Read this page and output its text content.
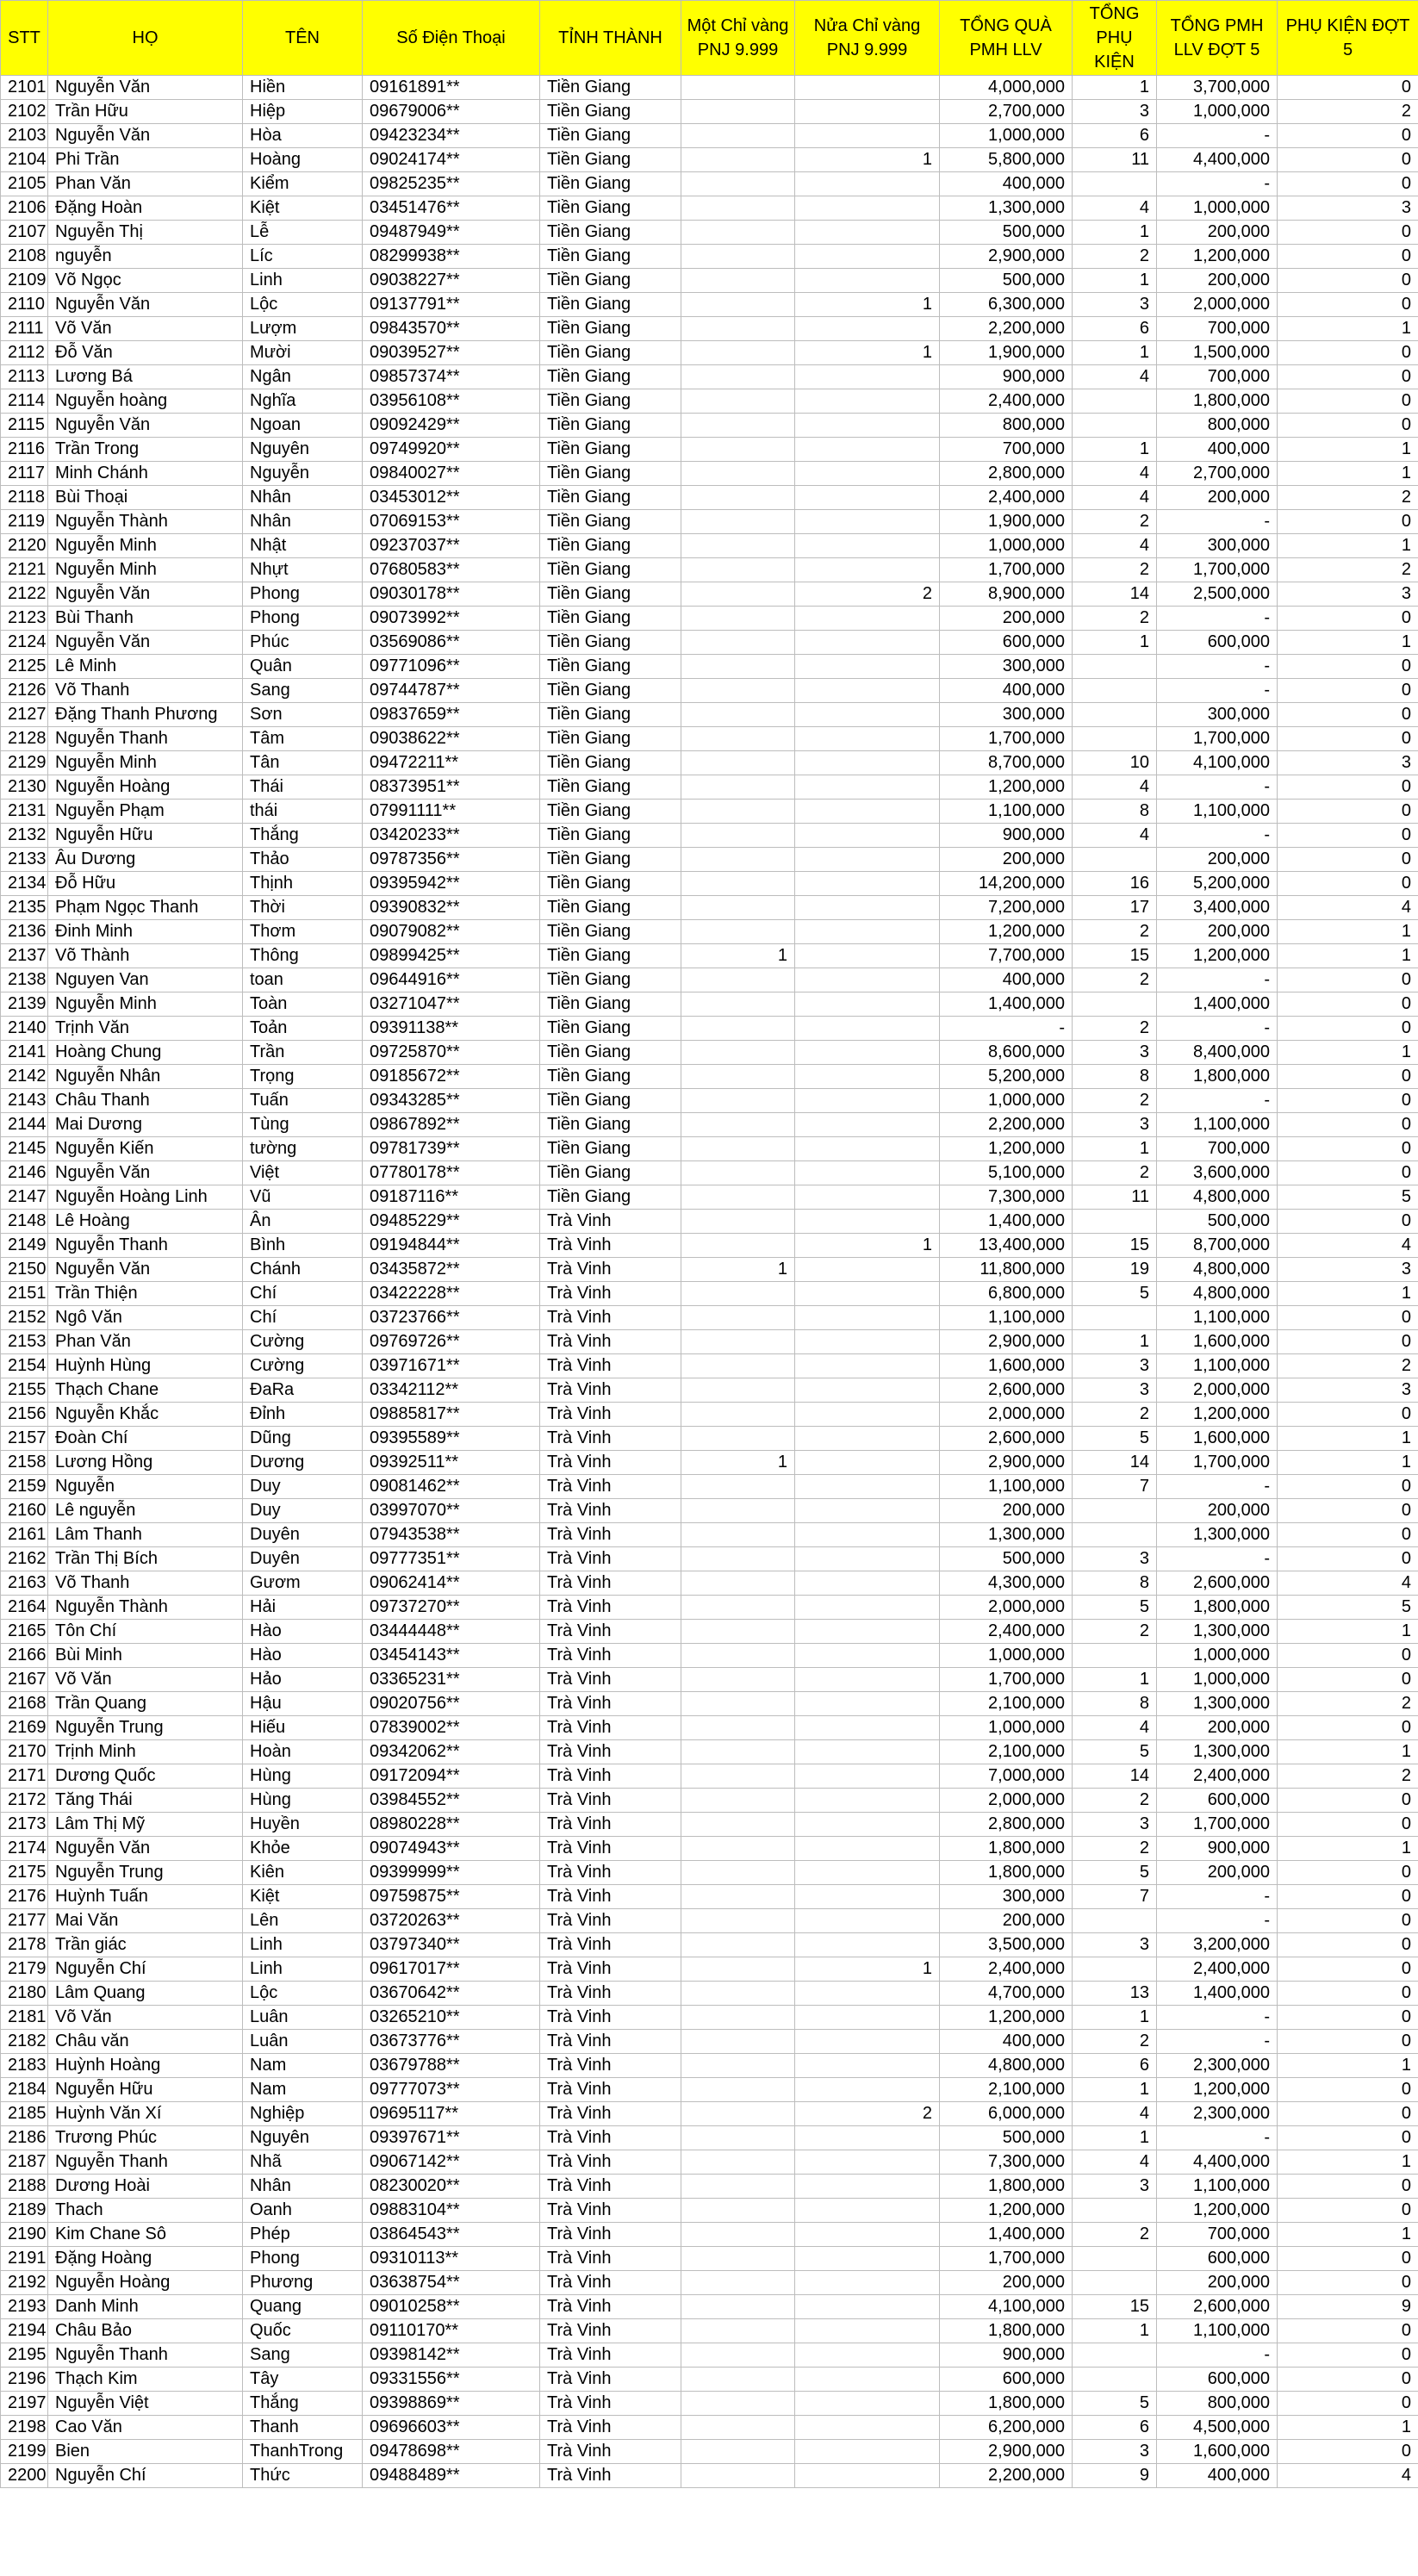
STT	HỌ	TÊN	Số Điện Thoại	TỈNH THÀNH	Một Chỉ vàng PNJ 9.999	Nửa Chỉ vàng PNJ 9.999	TỔNG QUÀ PMH LLV	TỔNG PHỤ KIỆN	TỔNG PMH LLV ĐỢT 5	PHỤ KIỆN ĐỢT 5
2101	Nguyễn Văn	Hiền	09161891**	Tiền Giang			4,000,000	1	3,700,000	0
2102	Trần Hữu	Hiệp	09679006**	Tiền Giang			2,700,000	3	1,000,000	2
2103	Nguyễn Văn	Hòa	09423234**	Tiền Giang			1,000,000	6	-	0
2104	Phi Trần	Hoàng	09024174**	Tiền Giang		1	5,800,000	11	4,400,000	0
2105	Phan Văn	Kiểm	09825235**	Tiền Giang			400,000		-	0
2106	Đặng Hoàn	Kiệt	03451476**	Tiền Giang			1,300,000	4	1,000,000	3
2107	Nguyễn Thị	Lễ	09487949**	Tiền Giang			500,000	1	200,000	0
2108	nguyễn	Líc	08299938**	Tiền Giang			2,900,000	2	1,200,000	0
2109	Võ Ngọc	Linh	09038227**	Tiền Giang			500,000	1	200,000	0
2110	Nguyễn Văn	Lộc	09137791**	Tiền Giang		1	6,300,000	3	2,000,000	0
2111	Võ Văn	Lượm	09843570**	Tiền Giang			2,200,000	6	700,000	1
2112	Đỗ Văn	Mười	09039527**	Tiền Giang		1	1,900,000	1	1,500,000	0
2113	Lương Bá	Ngân	09857374**	Tiền Giang			900,000	4	700,000	0
2114	Nguyễn hoàng	Nghĩa	03956108**	Tiền Giang			2,400,000		1,800,000	0
2115	Nguyễn Văn	Ngoan	09092429**	Tiền Giang			800,000		800,000	0
2116	Trần Trong	Nguyên	09749920**	Tiền Giang			700,000	1	400,000	1
2117	Minh Chánh	Nguyễn	09840027**	Tiền Giang			2,800,000	4	2,700,000	1
2118	Bùi Thoại	Nhân	03453012**	Tiền Giang			2,400,000	4	200,000	2
2119	Nguyễn Thành	Nhân	07069153**	Tiền Giang			1,900,000	2	-	0
2120	Nguyễn Minh	Nhật	09237037**	Tiền Giang			1,000,000	4	300,000	1
2121	Nguyễn Minh	Nhựt	07680583**	Tiền Giang			1,700,000	2	1,700,000	2
2122	Nguyễn Văn	Phong	09030178**	Tiền Giang		2	8,900,000	14	2,500,000	3
2123	Bùi Thanh	Phong	09073992**	Tiền Giang			200,000	2	-	0
2124	Nguyễn Văn	Phúc	03569086**	Tiền Giang			600,000	1	600,000	1
2125	Lê Minh	Quân	09771096**	Tiền Giang			300,000		-	0
2126	Võ Thanh	Sang	09744787**	Tiền Giang			400,000		-	0
2127	Đặng Thanh Phương	Sơn	09837659**	Tiền Giang			300,000		300,000	0
2128	Nguyễn Thanh	Tâm	09038622**	Tiền Giang			1,700,000		1,700,000	0
2129	Nguyễn Minh	Tân	09472211**	Tiền Giang			8,700,000	10	4,100,000	3
2130	Nguyễn Hoàng	Thái	08373951**	Tiền Giang			1,200,000	4	-	0
2131	Nguyễn Phạm	thái	07991111**	Tiền Giang			1,100,000	8	1,100,000	0
2132	Nguyễn Hữu	Thắng	03420233**	Tiền Giang			900,000	4	-	0
2133	Âu Dương	Thảo	09787356**	Tiền Giang			200,000		200,000	0
2134	Đỗ Hữu	Thịnh	09395942**	Tiền Giang			14,200,000	16	5,200,000	0
2135	Phạm Ngọc Thanh	Thời	09390832**	Tiền Giang			7,200,000	17	3,400,000	4
2136	Đinh Minh	Thơm	09079082**	Tiền Giang			1,200,000	2	200,000	1
2137	Võ Thành	Thông	09899425**	Tiền Giang	1		7,700,000	15	1,200,000	1
2138	Nguyen Van	toan	09644916**	Tiền Giang			400,000	2	-	0
2139	Nguyễn Minh	Toàn	03271047**	Tiền Giang			1,400,000		1,400,000	0
2140	Trịnh Văn	Toản	09391138**	Tiền Giang			-	2	-	0
2141	Hoàng Chung	Trần	09725870**	Tiền Giang			8,600,000	3	8,400,000	1
2142	Nguyễn Nhân	Trọng	09185672**	Tiền Giang			5,200,000	8	1,800,000	0
2143	Châu Thanh	Tuấn	09343285**	Tiền Giang			1,000,000	2	-	0
2144	Mai Dương	Tùng	09867892**	Tiền Giang			2,200,000	3	1,100,000	0
2145	Nguyễn Kiến	tường	09781739**	Tiền Giang			1,200,000	1	700,000	0
2146	Nguyễn Văn	Việt	07780178**	Tiền Giang			5,100,000	2	3,600,000	0
2147	Nguyễn Hoàng Linh	Vũ	09187116**	Tiền Giang			7,300,000	11	4,800,000	5
2148	Lê Hoàng	Ân	09485229**	Trà Vinh			1,400,000		500,000	0
2149	Nguyễn Thanh	Bình	09194844**	Trà Vinh		1	13,400,000	15	8,700,000	4
2150	Nguyễn Văn	Chánh	03435872**	Trà Vinh	1		11,800,000	19	4,800,000	3
2151	Trần Thiện	Chí	03422228**	Trà Vinh			6,800,000	5	4,800,000	1
2152	Ngô Văn	Chí	03723766**	Trà Vinh			1,100,000		1,100,000	0
2153	Phan Văn	Cường	09769726**	Trà Vinh			2,900,000	1	1,600,000	0
2154	Huỳnh Hùng	Cường	03971671**	Trà Vinh			1,600,000	3	1,100,000	2
2155	Thạch Chane	ĐaRa	03342112**	Trà Vinh			2,600,000	3	2,000,000	3
2156	Nguyễn Khắc	Đỉnh	09885817**	Trà Vinh			2,000,000	2	1,200,000	0
2157	Đoàn Chí	Dũng	09395589**	Trà Vinh			2,600,000	5	1,600,000	1
2158	Lương Hồng	Dương	09392511**	Trà Vinh	1		2,900,000	14	1,700,000	1
2159	Nguyễn	Duy	09081462**	Trà Vinh			1,100,000	7	-	0
2160	Lê nguyễn	Duy	03997070**	Trà Vinh			200,000		200,000	0
2161	Lâm Thanh	Duyên	07943538**	Trà Vinh			1,300,000		1,300,000	0
2162	Trần Thị Bích	Duyên	09777351**	Trà Vinh			500,000	3	-	0
2163	Võ Thanh	Gươm	09062414**	Trà Vinh			4,300,000	8	2,600,000	4
2164	Nguyễn Thành	Hải	09737270**	Trà Vinh			2,000,000	5	1,800,000	5
2165	Tôn Chí	Hào	03444448**	Trà Vinh			2,400,000	2	1,300,000	1
2166	Bùi Minh	Hào	03454143**	Trà Vinh			1,000,000		1,000,000	0
2167	Võ Văn	Hảo	03365231**	Trà Vinh			1,700,000	1	1,000,000	0
2168	Trần Quang	Hậu	09020756**	Trà Vinh			2,100,000	8	1,300,000	2
2169	Nguyễn Trung	Hiếu	07839002**	Trà Vinh			1,000,000	4	200,000	0
2170	Trịnh Minh	Hoàn	09342062**	Trà Vinh			2,100,000	5	1,300,000	1
2171	Dương Quốc	Hùng	09172094**	Trà Vinh			7,000,000	14	2,400,000	2
2172	Tăng Thái	Hùng	03984552**	Trà Vinh			2,000,000	2	600,000	0
2173	Lâm Thị Mỹ	Huyền	08980228**	Trà Vinh			2,800,000	3	1,700,000	0
2174	Nguyễn Văn	Khỏe	09074943**	Trà Vinh			1,800,000	2	900,000	1
2175	Nguyễn Trung	Kiên	09399999**	Trà Vinh			1,800,000	5	200,000	0
2176	Huỳnh Tuấn	Kiệt	09759875**	Trà Vinh			300,000	7	-	0
2177	Mai Văn	Lên	03720263**	Trà Vinh			200,000		-	0
2178	Trần giác	Linh	03797340**	Trà Vinh			3,500,000	3	3,200,000	0
2179	Nguyễn Chí	Linh	09617017**	Trà Vinh		1	2,400,000		2,400,000	0
2180	Lâm Quang	Lộc	03670642**	Trà Vinh			4,700,000	13	1,400,000	0
2181	Võ Văn	Luân	03265210**	Trà Vinh			1,200,000	1	-	0
2182	Châu văn	Luân	03673776**	Trà Vinh			400,000	2	-	0
2183	Huỳnh Hoàng	Nam	03679788**	Trà Vinh			4,800,000	6	2,300,000	1
2184	Nguyễn Hữu	Nam	09777073**	Trà Vinh			2,100,000	1	1,200,000	0
2185	Huỳnh Văn Xí	Nghiệp	09695117**	Trà Vinh		2	6,000,000	4	2,300,000	0
2186	Trương Phúc	Nguyên	09397671**	Trà Vinh			500,000	1	-	0
2187	Nguyễn Thanh	Nhã	09067142**	Trà Vinh			7,300,000	4	4,400,000	1
2188	Dương Hoài	Nhân	08230020**	Trà Vinh			1,800,000	3	1,100,000	0
2189	Thach	Oanh	09883104**	Trà Vinh			1,200,000		1,200,000	0
2190	Kim Chane Sô	Phép	03864543**	Trà Vinh			1,400,000	2	700,000	1
2191	Đặng Hoàng	Phong	09310113**	Trà Vinh			1,700,000		600,000	0
2192	Nguyễn Hoàng	Phương	03638754**	Trà Vinh			200,000		200,000	0
2193	Danh Minh	Quang	09010258**	Trà Vinh			4,100,000	15	2,600,000	9
2194	Châu Bảo	Quốc	09110170**	Trà Vinh			1,800,000	1	1,100,000	0
2195	Nguyễn Thanh	Sang	09398142**	Trà Vinh			900,000		-	0
2196	Thạch Kim	Tây	09331556**	Trà Vinh			600,000		600,000	0
2197	Nguyễn Việt	Thắng	09398869**	Trà Vinh			1,800,000	5	800,000	0
2198	Cao Văn	Thanh	09696603**	Trà Vinh			6,200,000	6	4,500,000	1
2199	Bien	ThanhTrong	09478698**	Trà Vinh			2,900,000	3	1,600,000	0
2200	Nguyễn Chí	Thức	09488489**	Trà Vinh			2,200,000	9	400,000	4
